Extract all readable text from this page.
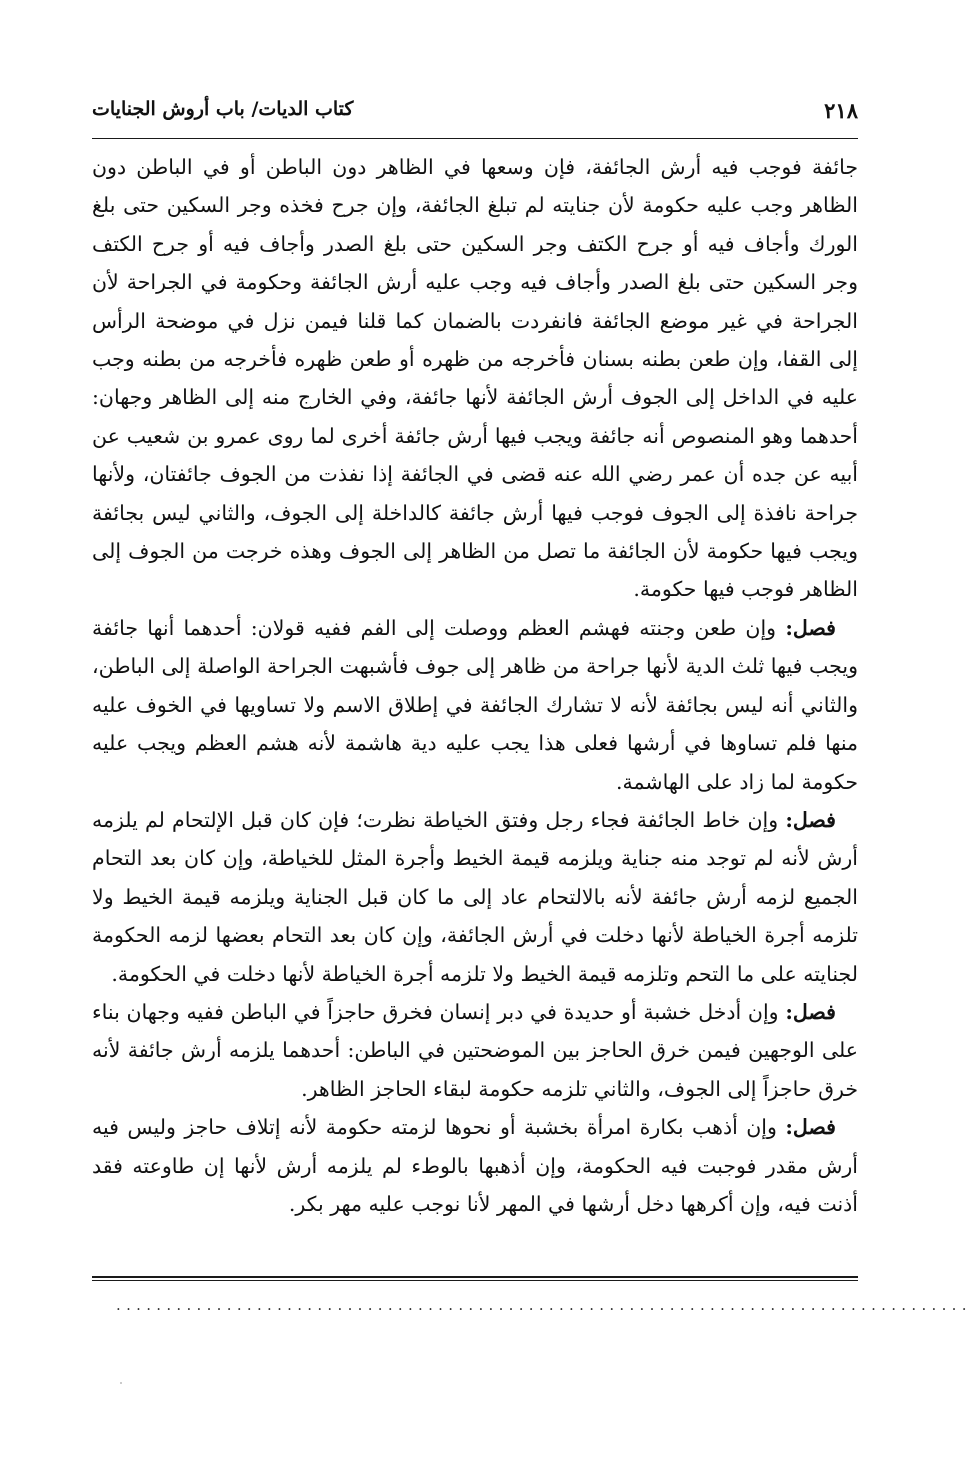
٢١٨
كتاب الديات/ باب أروش الجنايات

جائفة فوجب فيه أرش الجائفة، فإن وسعها في الظاهر دون الباطن أو في الباطن دون الظاهر وجب عليه حكومة لأن جنايته لم تبلغ الجائفة، وإن جرح فخذه وجر السكين حتى بلغ الورك وأجاف فيه أو جرح الكتف وجر السكين حتى بلغ الصدر وأجاف فيه أو جرح الكتف وجر السكين حتى بلغ الصدر وأجاف فيه وجب عليه أرش الجائفة وحكومة في الجراحة لأن الجراحة في غير موضع الجائفة فانفردت بالضمان كما قلنا فيمن نزل في موضحة الرأس إلى القفا، وإن طعن بطنه بسنان فأخرجه من ظهره أو طعن ظهره فأخرجه من بطنه وجب عليه في الداخل إلى الجوف أرش الجائفة لأنها جائفة، وفي الخارج منه إلى الظاهر وجهان: أحدهما وهو المنصوص أنه جائفة ويجب فيها أرش جائفة أخرى لما روى عمرو بن شعيب عن أبيه عن جده أن عمر رضي الله عنه قضى في الجائفة إذا نفذت من الجوف جائفتان، ولأنها جراحة نافذة إلى الجوف فوجب فيها أرش جائفة كالداخلة إلى الجوف، والثاني ليس بجائفة ويجب فيها حكومة لأن الجائفة ما تصل من الظاهر إلى الجوف وهذه خرجت من الجوف إلى الظاهر فوجب فيها حكومة.

فصل: وإن طعن وجنته فهشم العظم ووصلت إلى الفم ففيه قولان: أحدهما أنها جائفة ويجب فيها ثلث الدية لأنها جراحة من ظاهر إلى جوف فأشبهت الجراحة الواصلة إلى الباطن، والثاني أنه ليس بجائفة لأنه لا تشارك الجائفة في إطلاق الاسم ولا تساويها في الخوف عليه منها فلم تساوها في أرشها فعلى هذا يجب عليه دية هاشمة لأنه هشم العظم ويجب عليه حكومة لما زاد على الهاشمة.

فصل: وإن خاط الجائفة فجاء رجل وفتق الخياطة نظرت؛ فإن كان قبل الإلتحام لم يلزمه أرش لأنه لم توجد منه جناية ويلزمه قيمة الخيط وأجرة المثل للخياطة، وإن كان بعد التحام الجميع لزمه أرش جائفة لأنه بالالتحام عاد إلى ما كان قبل الجناية ويلزمه قيمة الخيط ولا تلزمه أجرة الخياطة لأنها دخلت في أرش الجائفة، وإن كان بعد التحام بعضها لزمه الحكومة لجنايته على ما التحم وتلزمه قيمة الخيط ولا تلزمه أجرة الخياطة لأنها دخلت في الحكومة.

فصل: وإن أدخل خشبة أو حديدة في دبر إنسان فخرق حاجزاً في الباطن ففيه وجهان بناء على الوجهين فيمن خرق الحاجز بين الموضحتين في الباطن: أحدهما يلزمه أرش جائفة لأنه خرق حاجزاً إلى الجوف، والثاني تلزمه حكومة لبقاء الحاجز الظاهر.

فصل: وإن أذهب بكارة امرأة بخشبة أو نحوها لزمته حكومة لأنه إتلاف حاجز وليس فيه أرش مقدر فوجبت فيه الحكومة، وإن أذهبها بالوطء لم يلزمه أرش لأنها إن طاوعته فقد أذنت فيه، وإن أكرهها دخل أرشها في المهر لأنا نوجب عليه مهر بكر.

.....................................................................................
